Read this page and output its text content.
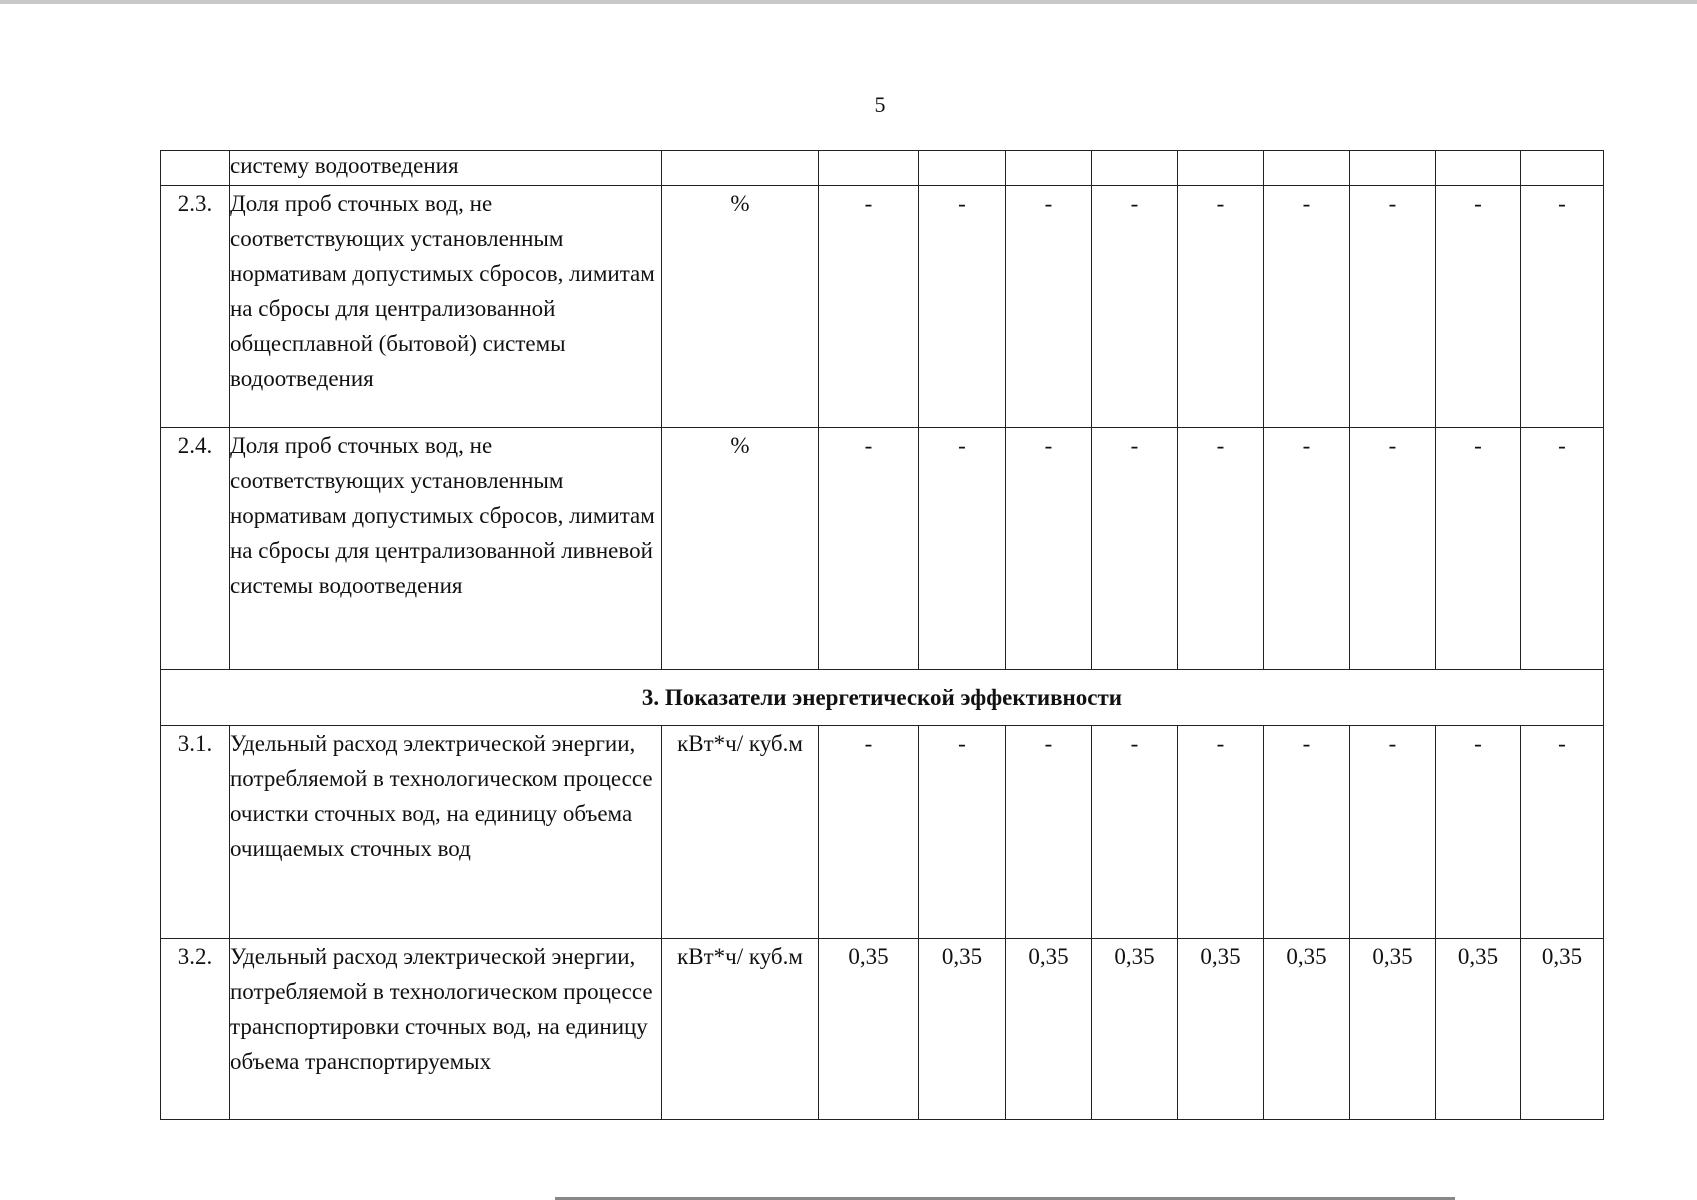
5
	систему водоотведения										
2.3.	Доля проб сточных вод, не соответствующих установленным нормативам допустимых сбросов, лимитам на сбросы для централизованной общесплавной (бытовой) системы водоотведения	%	-	-	-	-	-	-	-	-	-
2.4.	Доля проб сточных вод, не соответствующих установленным нормативам допустимых сбросов, лимитам на сбросы для централизованной ливневой системы водоотведения	%	-	-	-	-	-	-	-	-	-
3. Показатели энергетической эффективности											
3.1.	Удельный расход электрической энергии, потребляемой в технологическом процессе очистки сточных вод, на единицу объема очищаемых сточных вод	кВт*ч/ куб.м	-	-	-	-	-	-	-	-	-
3.2.	Удельный расход электрической энергии, потребляемой в технологическом процессе транспортировки сточных вод, на единицу объема транспортируемых	кВт*ч/ куб.м	0,35	0,35	0,35	0,35	0,35	0,35	0,35	0,35	0,35
